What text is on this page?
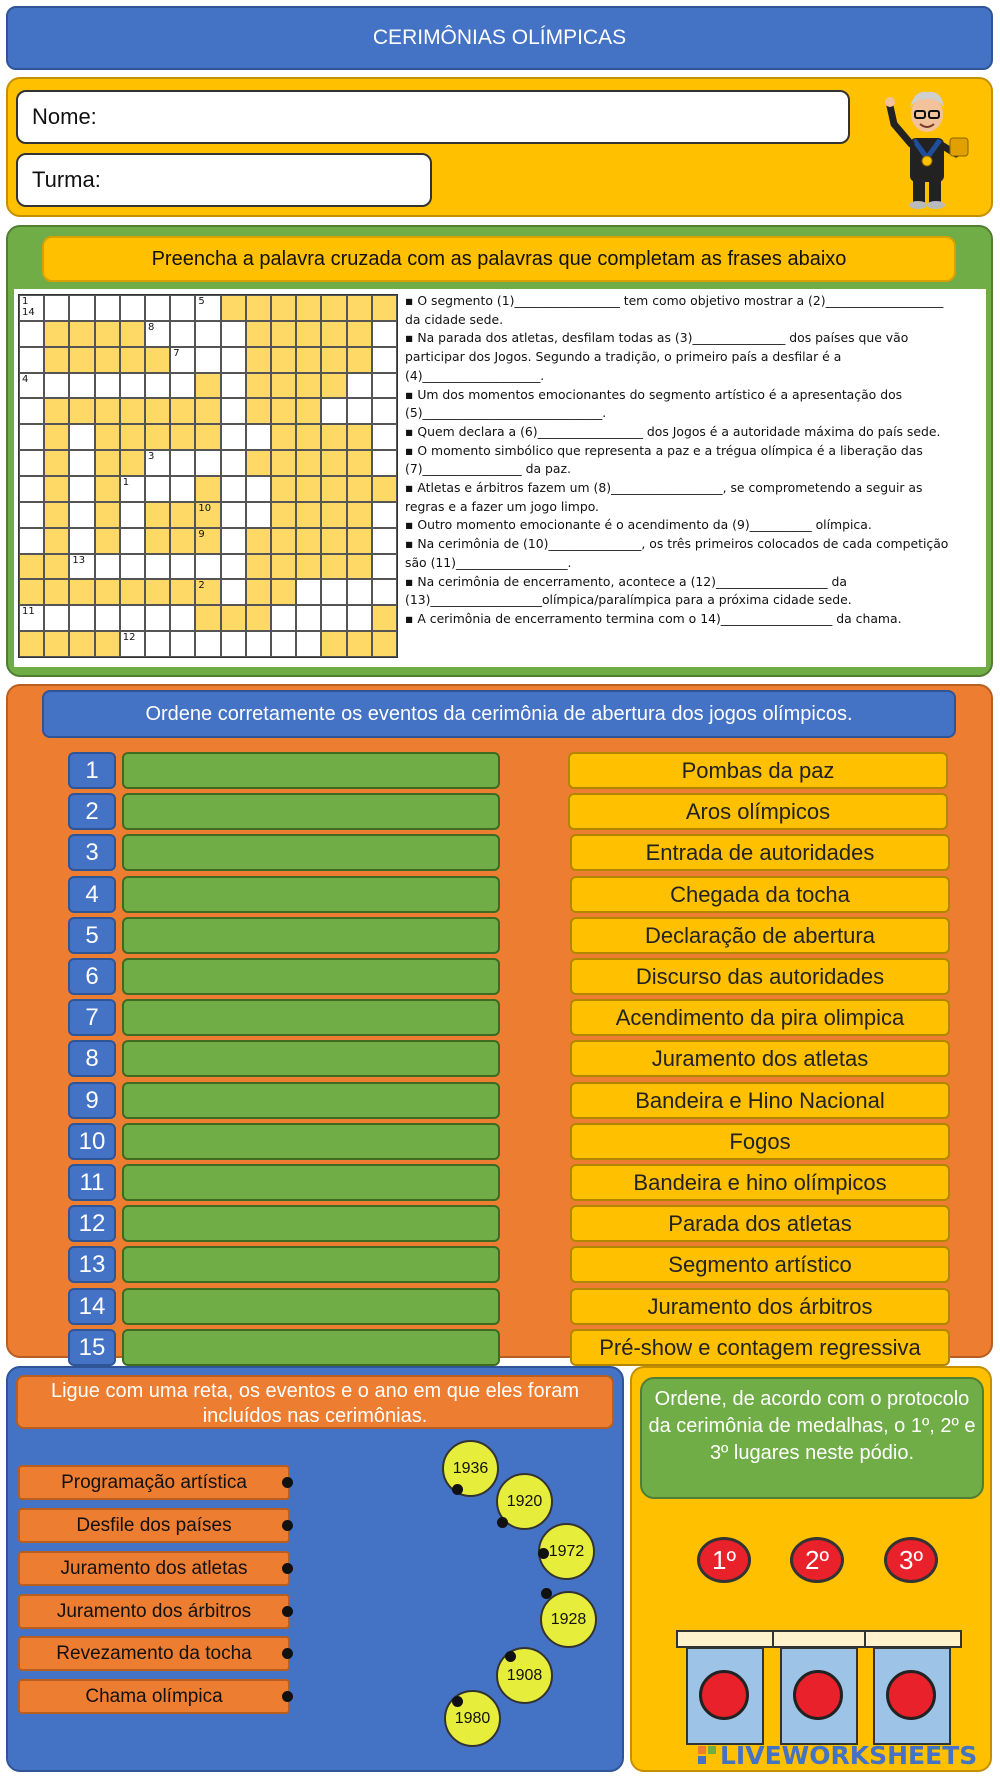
CERIMÔNIAS OLÍMPICAS
Nome:
Turma:
Preencha a palavra cruzada com as palavras que completam as frases abaixo
1 14
5
8
7
4
3
1
10
9
13
2
11
12

▪ O segmento (1)_________________ tem como objetivo mostrar a (2)___________________

da cidade sede.

▪ Na parada dos atletas, desfilam todas as (3)_______________ dos países que vão

participar dos Jogos. Segundo a tradição, o primeiro país a desfilar é a

(4)___________________.

▪ Um dos momentos emocionantes do segmento artístico é a apresentação dos

(5)_____________________________.

▪ Quem declara a (6)_________________ dos Jogos é a autoridade máxima do país sede.

▪ O momento simbólico que representa a paz e a trégua olímpica é a liberação das

(7)________________ da paz.

▪ Atletas e árbitros fazem um (8)__________________, se comprometendo a seguir as

regras e a fazer um jogo limpo.

▪ Outro momento emocionante é o acendimento da (9)__________ olímpica.

▪ Na cerimônia de (10)_______________, os três primeiros colocados de cada competição

são (11)__________________.

▪ Na cerimônia de encerramento, acontece a (12)__________________ da

(13)__________________olímpica/paralímpica para a próxima cidade sede.

▪ A cerimônia de encerramento termina com o 14)__________________ da chama.

Ordene corretamente os eventos da cerimônia de abertura dos jogos olímpicos.
1
2
3
4
5
6
7
8
9
10
11
12
13
14
15
Pombas da paz
Aros olímpicos
Entrada de autoridades
Chegada da tocha
Declaração de abertura
Discurso das autoridades
Acendimento da pira olimpica
Juramento dos atletas
Bandeira e Hino Nacional
Fogos
Bandeira e hino olímpicos
Parada dos atletas
Segmento artístico
Juramento dos árbitros
Pré-show e contagem regressiva
Ligue com uma reta, os eventos e o ano em que eles foram incluídos nas cerimônias.
Programação artística
Desfile dos países
Juramento dos atletas
Juramento dos árbitros
Revezamento da tocha
Chama olímpica
1936
1920
1972
1928
1908
1980
Ordene, de acordo com o protocolo da cerimônia de medalhas, o 1º, 2º e 3º lugares neste pódio.
1º	2º	3º
LIVEWORKSHEETS
